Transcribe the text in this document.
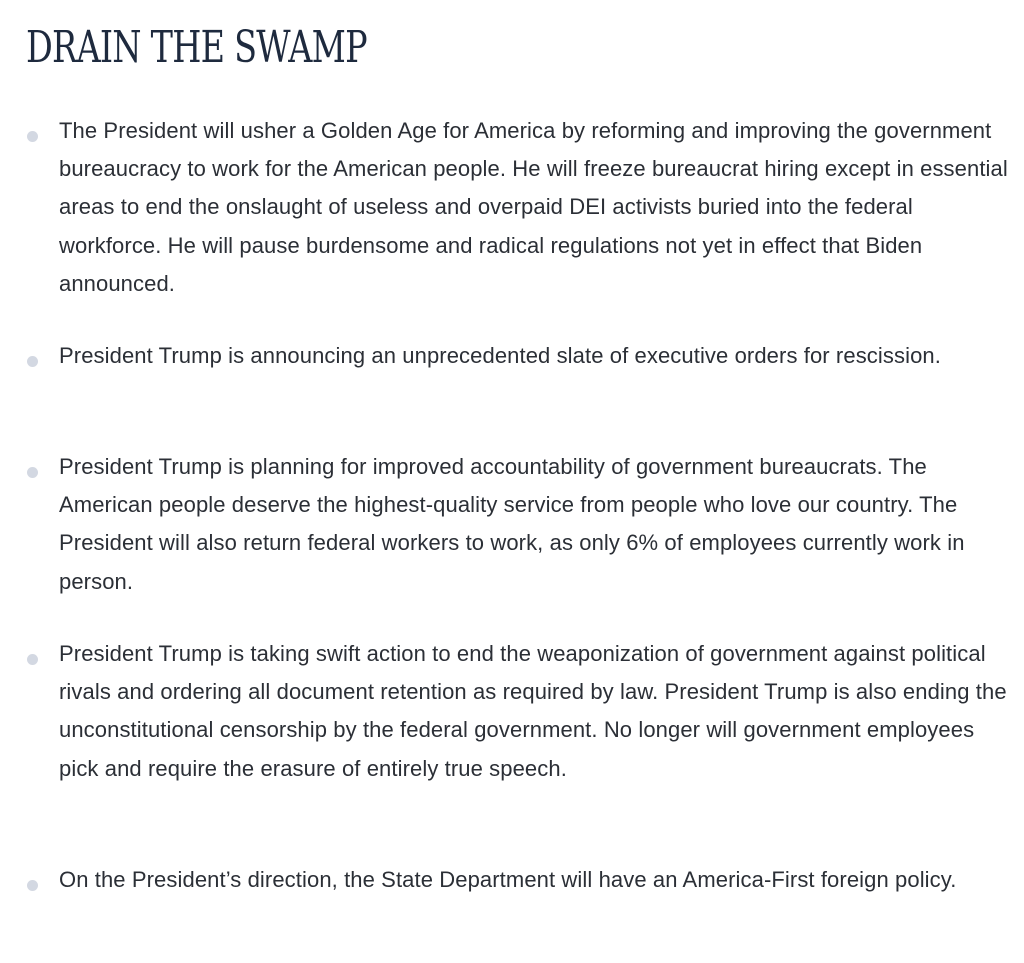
DRAIN THE SWAMP

The President will usher a Golden Age for America by reforming and improving the government bureaucracy to work for the American people. He will freeze bureaucrat hiring except in essential areas to end the onslaught of useless and overpaid DEI activists buried into the federal workforce. He will pause burdensome and radical regulations not yet in effect that Biden announced.

President Trump is announcing an unprecedented slate of executive orders for rescission.

President Trump is planning for improved accountability of government bureaucrats. The American people deserve the highest-quality service from people who love our country. The President will also return federal workers to work, as only 6% of employees currently work in person.

President Trump is taking swift action to end the weaponization of government against political rivals and ordering all document retention as required by law. President Trump is also ending the unconstitutional censorship by the federal government. No longer will government employees pick and require the erasure of entirely true speech.

On the President’s direction, the State Department will have an America-First foreign policy.
